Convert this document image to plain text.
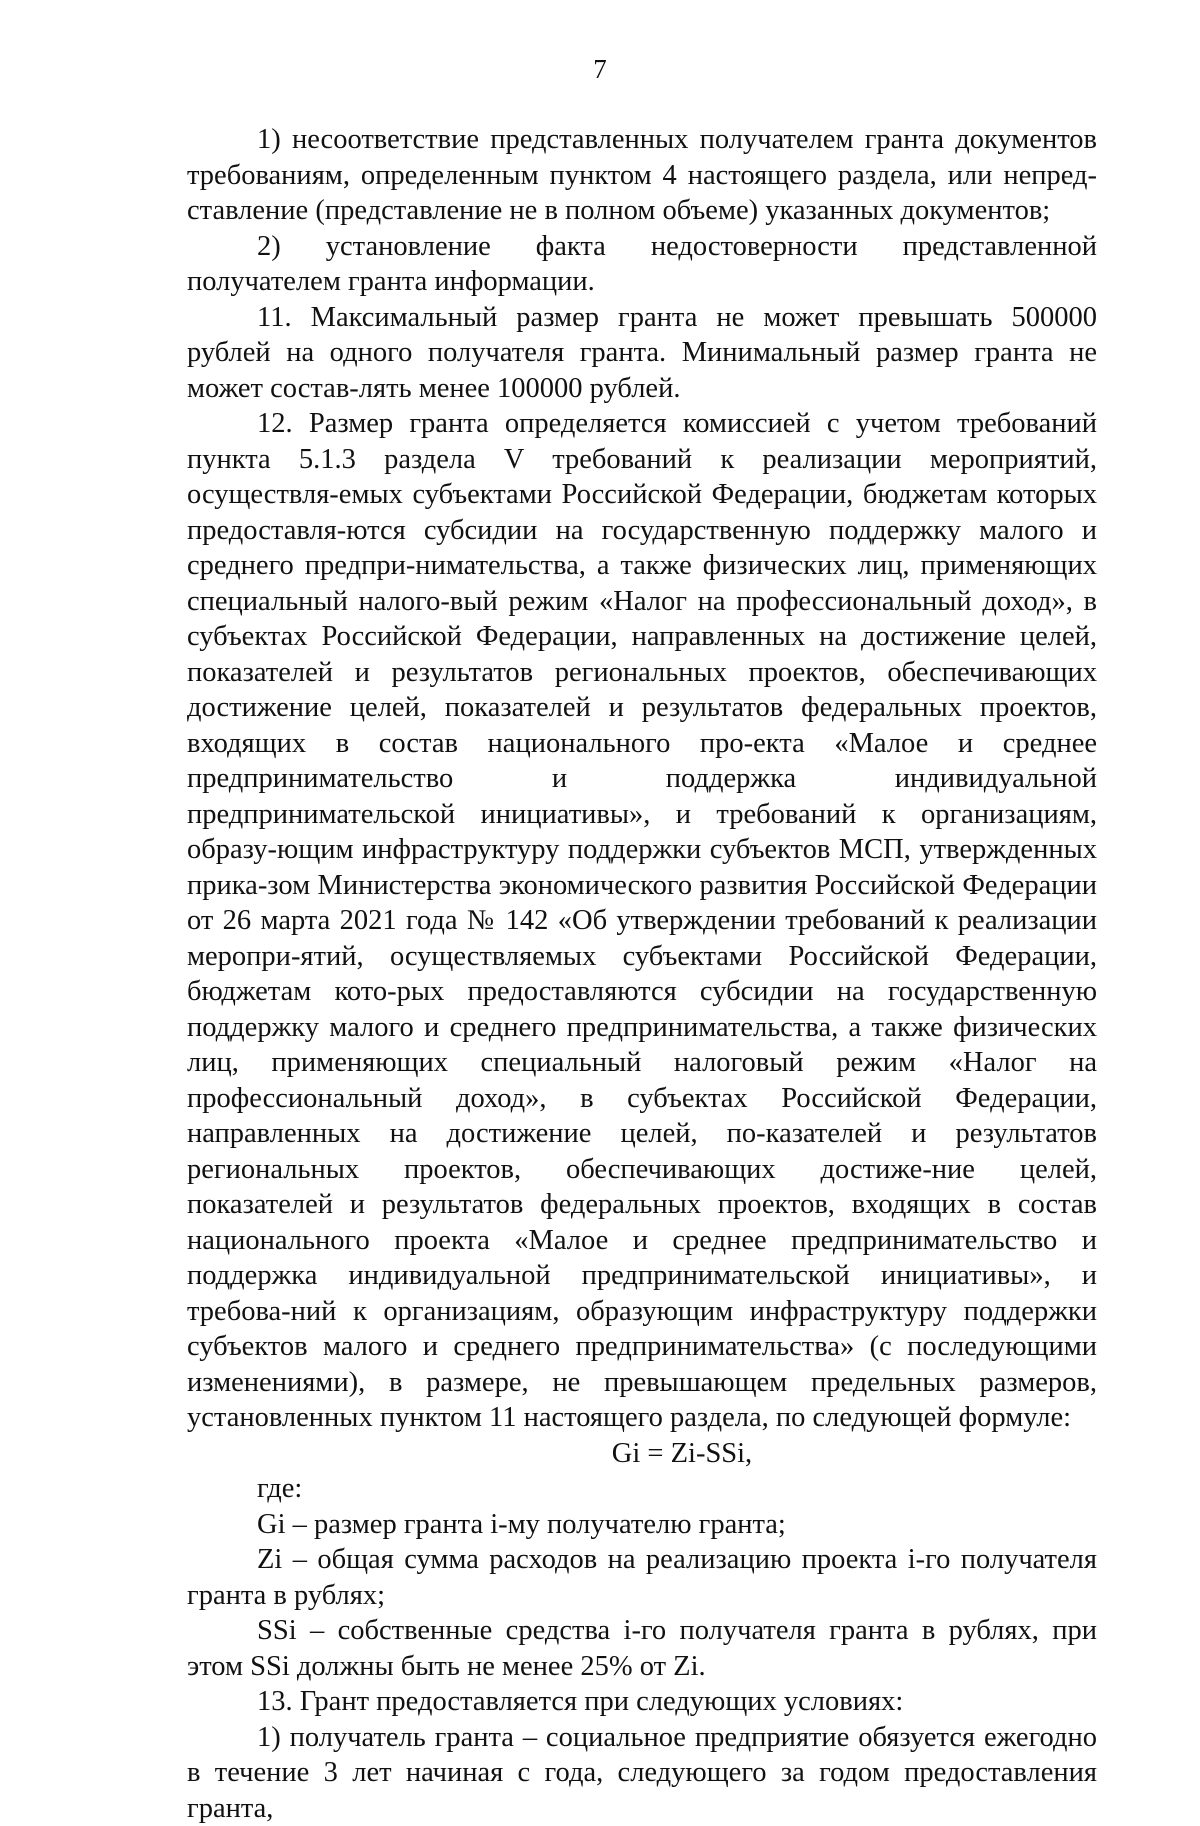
7

1) несоответствие представленных получателем гранта документов требованиям, определенным пунктом 4 настоящего раздела, или непред-ставление (представление не в полном объеме) указанных документов;

2) установление факта недостоверности представленной получателем гранта информации.

11. Максимальный размер гранта не может превышать 500000 рублей на одного получателя гранта. Минимальный размер гранта не может состав-лять менее 100000 рублей.

12. Размер гранта определяется комиссией с учетом требований пункта 5.1.3 раздела V требований к реализации мероприятий, осуществля-емых субъектами Российской Федерации, бюджетам которых предоставля-ются субсидии на государственную поддержку малого и среднего предпри-нимательства, а также физических лиц, применяющих специальный налого-вый режим «Налог на профессиональный доход», в субъектах Российской Федерации, направленных на достижение целей, показателей и результатов региональных проектов, обеспечивающих достижение целей, показателей и результатов федеральных проектов, входящих в состав национального про-екта «Малое и среднее предпринимательство и поддержка индивидуальной предпринимательской инициативы», и требований к организациям, образу-ющим инфраструктуру поддержки субъектов МСП, утвержденных прика-зом Министерства экономического развития Российской Федерации от 26 марта 2021 года № 142 «Об утверждении требований к реализации меропри-ятий, осуществляемых субъектами Российской Федерации, бюджетам кото-рых предоставляются субсидии на государственную поддержку малого и среднего предпринимательства, а также физических лиц, применяющих специальный налоговый режим «Налог на профессиональный доход», в субъектах Российской Федерации, направленных на достижение целей, по-казателей и результатов региональных проектов, обеспечивающих достиже-ние целей, показателей и результатов федеральных проектов, входящих в состав национального проекта «Малое и среднее предпринимательство и поддержка индивидуальной предпринимательской инициативы», и требова-ний к организациям, образующим инфраструктуру поддержки субъектов малого и среднего предпринимательства» (с последующими изменениями), в размере, не превышающем предельных размеров, установленных пунктом 11 настоящего раздела, по следующей формуле:

Gi = Zi-SSi,

где:

Gi – размер гранта i-му получателю гранта;

Zi – общая сумма расходов на реализацию проекта i-го получателя гранта в рублях;

SSi – собственные средства i-го получателя гранта в рублях, при этом SSi должны быть не менее 25% от Zi.

13. Грант предоставляется при следующих условиях:

1) получатель гранта – социальное предприятие обязуется ежегодно в течение 3 лет начиная с года, следующего за годом предоставления гранта,
